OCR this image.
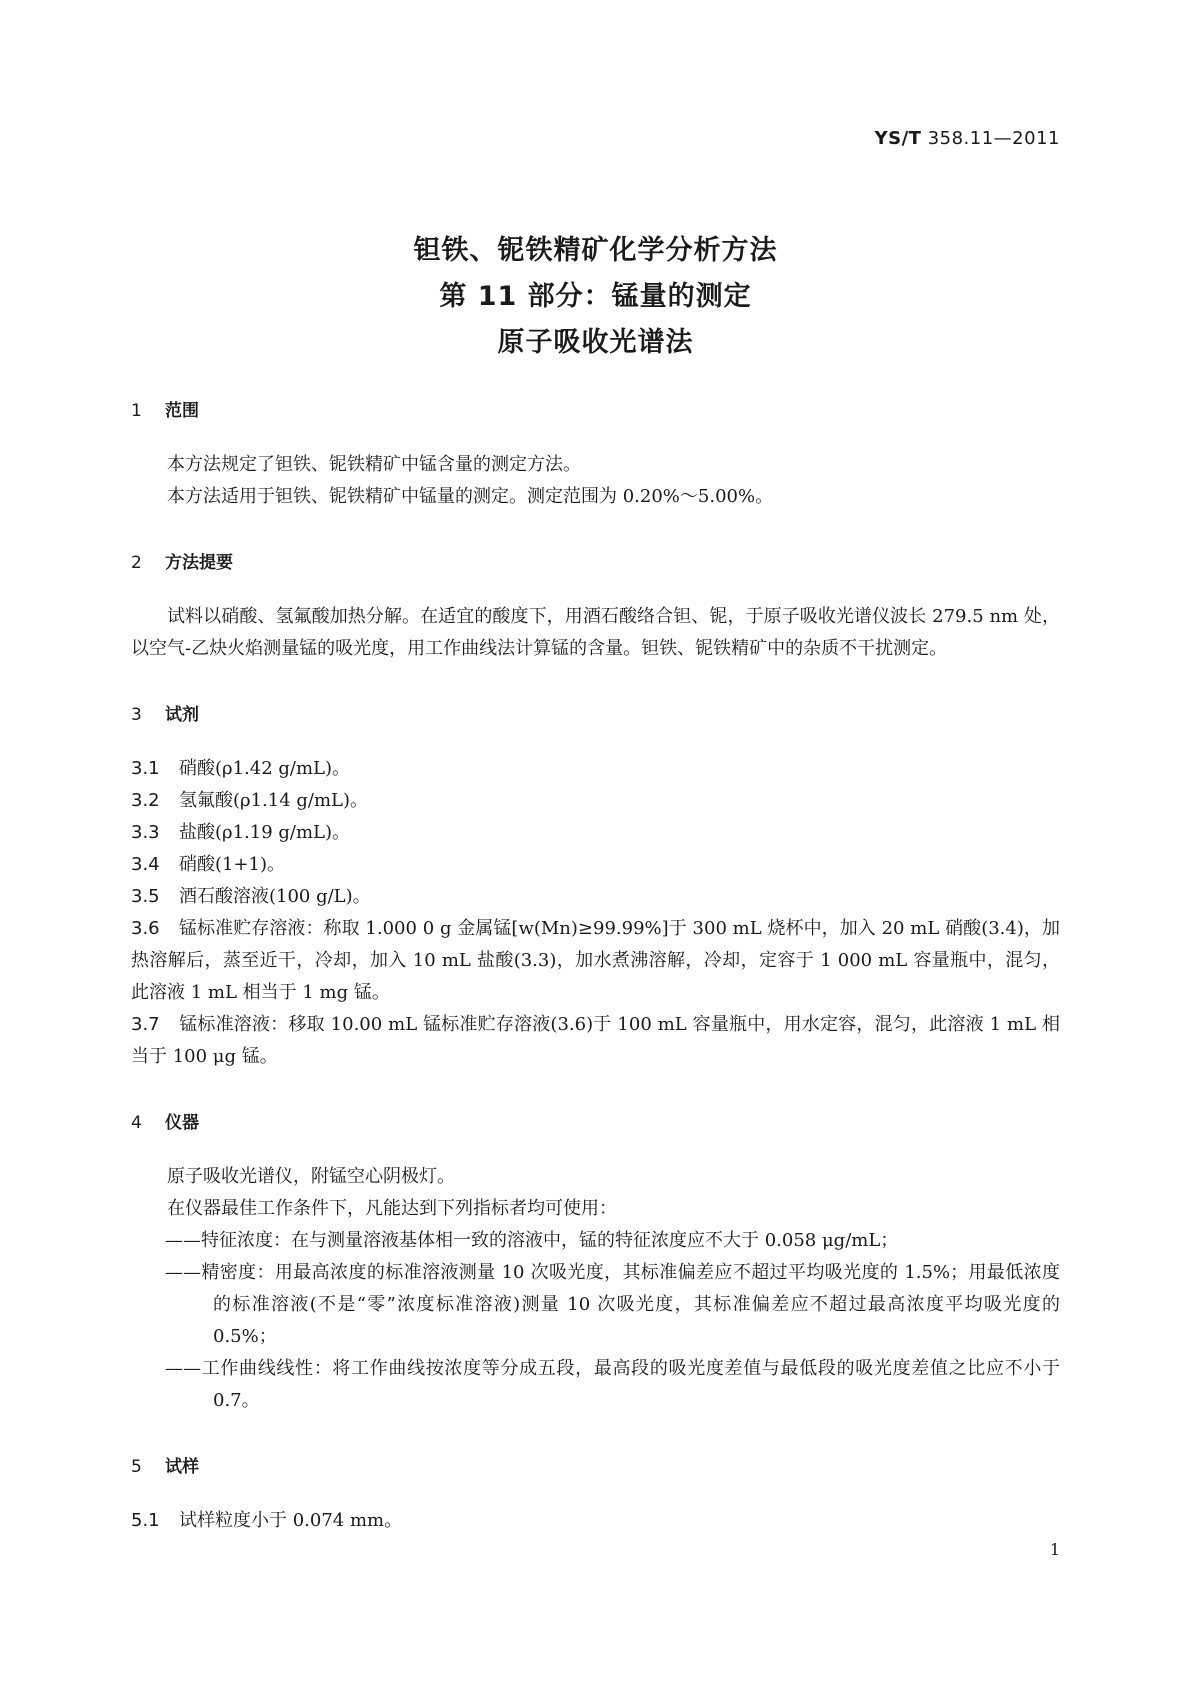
YS/T 358.11—2011
钽铁、铌铁精矿化学分析方法
第 11 部分：锰量的测定
原子吸收光谱法

1 范围

本方法规定了钽铁、铌铁精矿中锰含量的测定方法。

本方法适用于钽铁、铌铁精矿中锰量的测定。测定范围为 0.20%～5.00%。

2 方法提要

试料以硝酸、氢氟酸加热分解。在适宜的酸度下，用酒石酸络合钽、铌，于原子吸收光谱仪波长 279.5 nm 处，以空气-乙炔火焰测量锰的吸光度，用工作曲线法计算锰的含量。钽铁、铌铁精矿中的杂质不干扰测定。

3 试剂

3.1 硝酸(ρ1.42 g/mL)。

3.2 氢氟酸(ρ1.14 g/mL)。

3.3 盐酸(ρ1.19 g/mL)。

3.4 硝酸(1+1)。

3.5 酒石酸溶液(100 g/L)。

3.6 锰标准贮存溶液：称取 1.000 0 g 金属锰[w(Mn)≥99.99%]于 300 mL 烧杯中，加入 20 mL 硝酸(3.4)，加热溶解后，蒸至近干，冷却，加入 10 mL 盐酸(3.3)，加水煮沸溶解，冷却，定容于 1 000 mL 容量瓶中，混匀，此溶液 1 mL 相当于 1 mg 锰。

3.7 锰标准溶液：移取 10.00 mL 锰标准贮存溶液(3.6)于 100 mL 容量瓶中，用水定容，混匀，此溶液 1 mL 相当于 100 μg 锰。

4 仪器

原子吸收光谱仪，附锰空心阴极灯。

在仪器最佳工作条件下，凡能达到下列指标者均可使用：

——特征浓度：在与测量溶液基体相一致的溶液中，锰的特征浓度应不大于 0.058 μg/mL；

——精密度：用最高浓度的标准溶液测量 10 次吸光度，其标准偏差应不超过平均吸光度的 1.5%；用最低浓度的标准溶液(不是“零”浓度标准溶液)测量 10 次吸光度，其标准偏差应不超过最高浓度平均吸光度的 0.5%；

——工作曲线线性：将工作曲线按浓度等分成五段，最高段的吸光度差值与最低段的吸光度差值之比应不小于 0.7。

5 试样

5.1 试样粒度小于 0.074 mm。

1
